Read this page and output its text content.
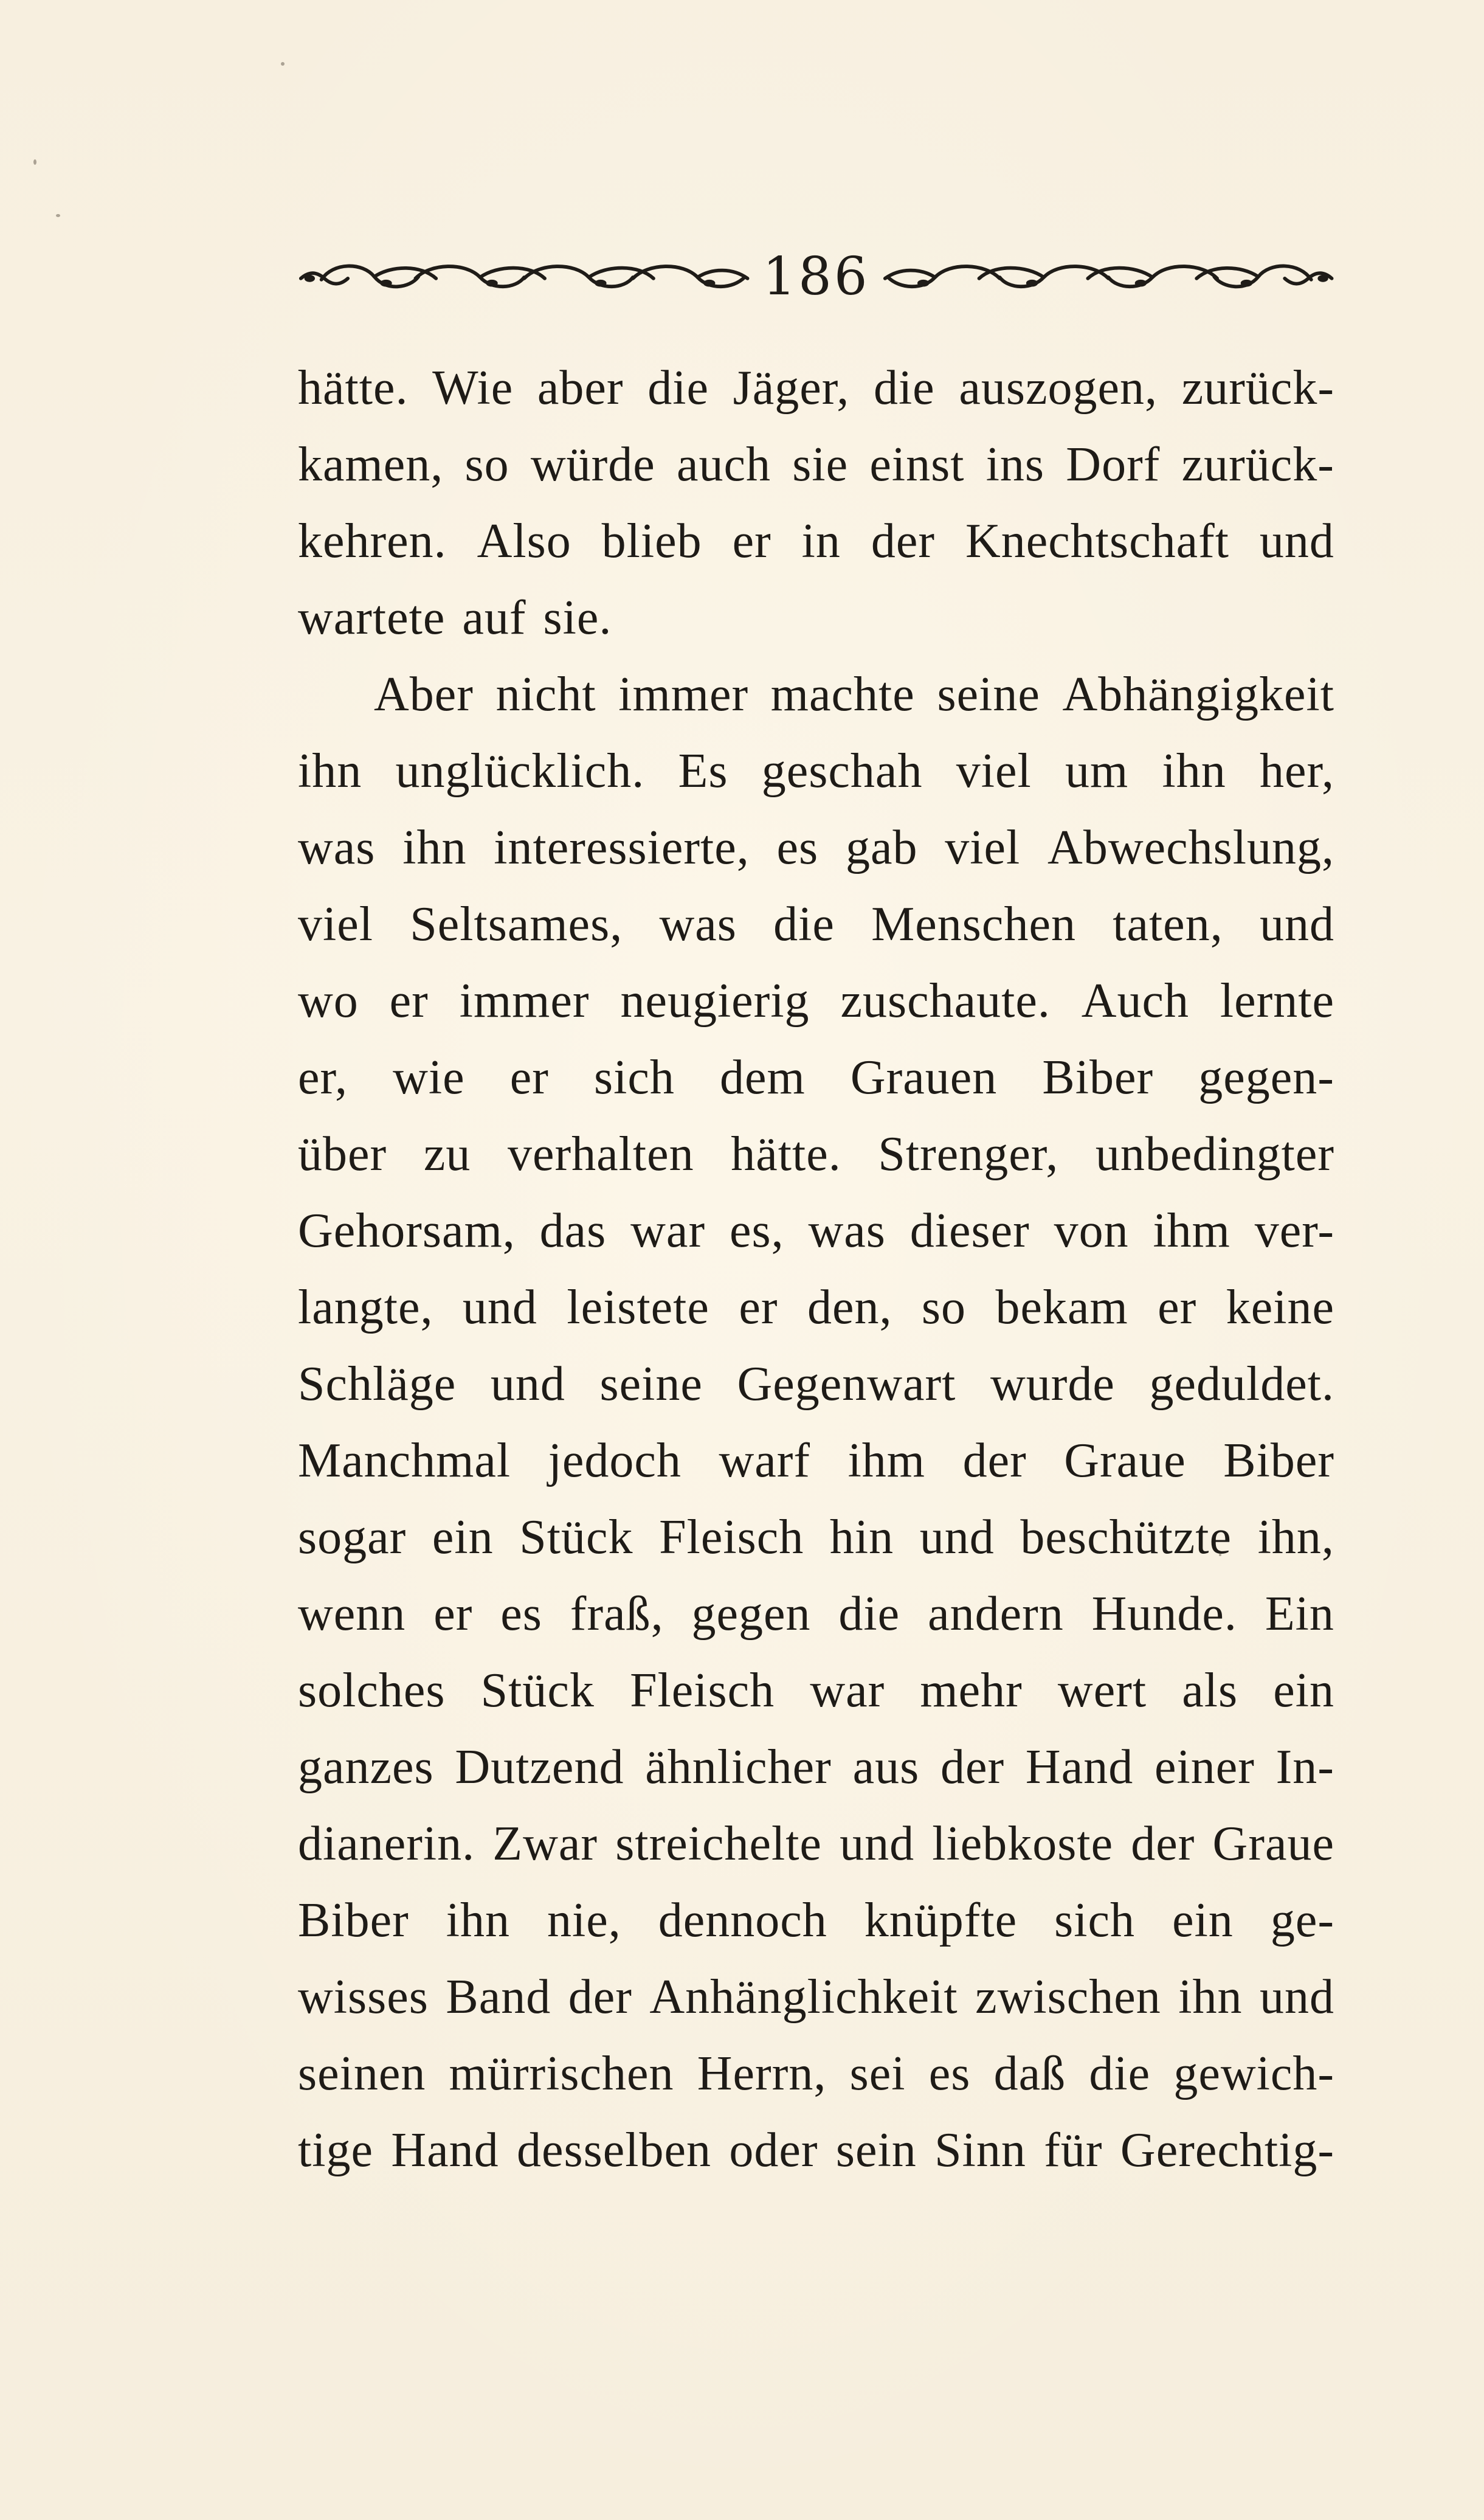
186
hätte. Wie aber die Jäger, die auszogen, zurück-
kamen, so würde auch sie einst ins Dorf zurück-
kehren. Also blieb er in der Knechtschaft und
wartete auf sie.
Aber nicht immer machte seine Abhängigkeit
ihn unglücklich. Es geschah viel um ihn her,
was ihn interessierte, es gab viel Abwechslung,
viel Seltsames, was die Menschen taten, und
wo er immer neugierig zuschaute. Auch lernte
er, wie er sich dem Grauen Biber gegen-
über zu verhalten hätte. Strenger, unbedingter
Gehorsam, das war es, was dieser von ihm ver-
langte, und leistete er den, so bekam er keine
Schläge und seine Gegenwart wurde geduldet.
Manchmal jedoch warf ihm der Graue Biber
sogar ein Stück Fleisch hin und beschützte ihn,
wenn er es fraß, gegen die andern Hunde. Ein
solches Stück Fleisch war mehr wert als ein
ganzes Dutzend ähnlicher aus der Hand einer In-
dianerin. Zwar streichelte und liebkoste der Graue
Biber ihn nie, dennoch knüpfte sich ein ge-
wisses Band der Anhänglichkeit zwischen ihn und
seinen mürrischen Herrn, sei es daß die gewich-
tige Hand desselben oder sein Sinn für Gerechtig-
